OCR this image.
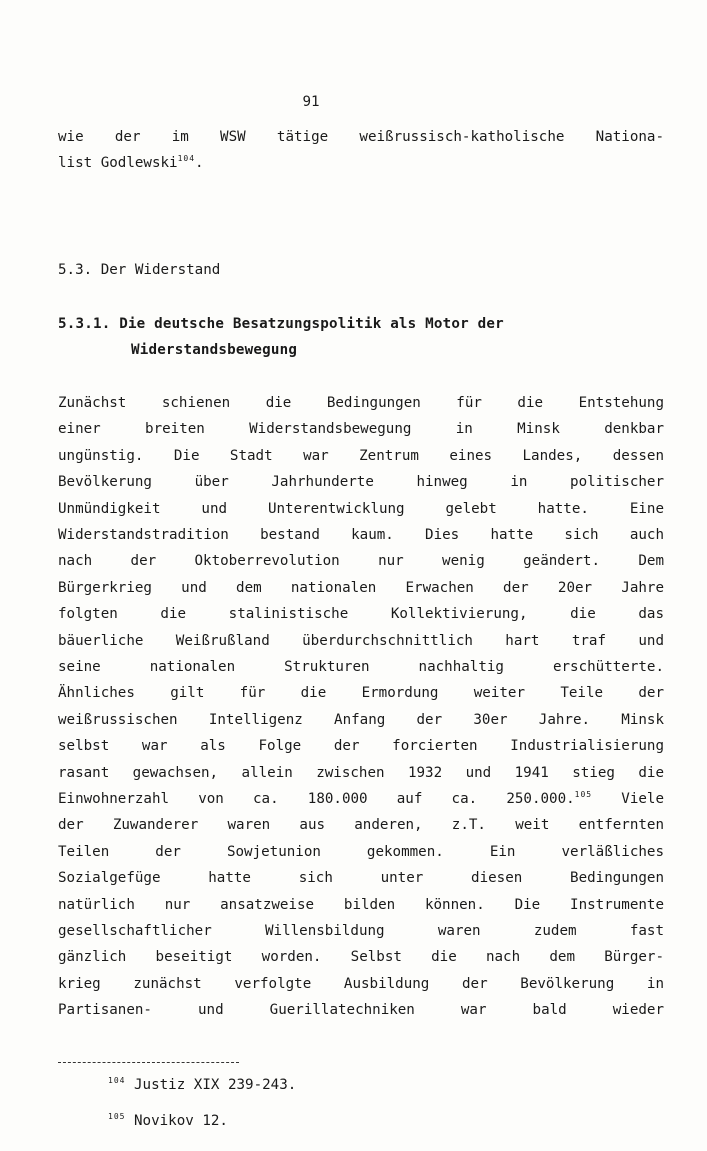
91
wie der im WSW tätige weißrussisch-katholische Nationa-
list Godlewski$^{104}$.
5.3. Der Widerstand
5.3.1. Die deutsche Besatzungspolitik als Motor der
Widerstandsbewegung
Zunächst schienen die Bedingungen für die Entstehung
einer breiten Widerstandsbewegung in Minsk denkbar
ungünstig. Die Stadt war Zentrum eines Landes, dessen
Bevölkerung über Jahrhunderte hinweg in politischer
Unmündigkeit und Unterentwicklung gelebt hatte. Eine
Widerstandstradition bestand kaum. Dies hatte sich auch
nach der Oktoberrevolution nur wenig geändert. Dem
Bürgerkrieg und dem nationalen Erwachen der 20er Jahre
folgten die stalinistische Kollektivierung, die das
bäuerliche Weißrußland überdurchschnittlich hart traf und
seine nationalen Strukturen nachhaltig erschütterte.
Ähnliches gilt für die Ermordung weiter Teile der
weißrussischen Intelligenz Anfang der 30er Jahre. Minsk
selbst war als Folge der forcierten Industrialisierung
rasant gewachsen, allein zwischen 1932 und 1941 stieg die
Einwohnerzahl von ca. 180.000 auf ca. 250.000.$^{105}$ Viele
der Zuwanderer waren aus anderen, z.T. weit entfernten
Teilen der Sowjetunion gekommen. Ein verläßliches
Sozialgefüge hatte sich unter diesen Bedingungen
natürlich nur ansatzweise bilden können. Die Instrumente
gesellschaftlicher Willensbildung waren zudem fast
gänzlich beseitigt worden. Selbst die nach dem Bürger-
krieg zunächst verfolgte Ausbildung der Bevölkerung in
Partisanen- und Guerillatechniken war bald wieder
$^{104}$ Justiz XIX 239-243.
$^{105}$ Novikov 12.
